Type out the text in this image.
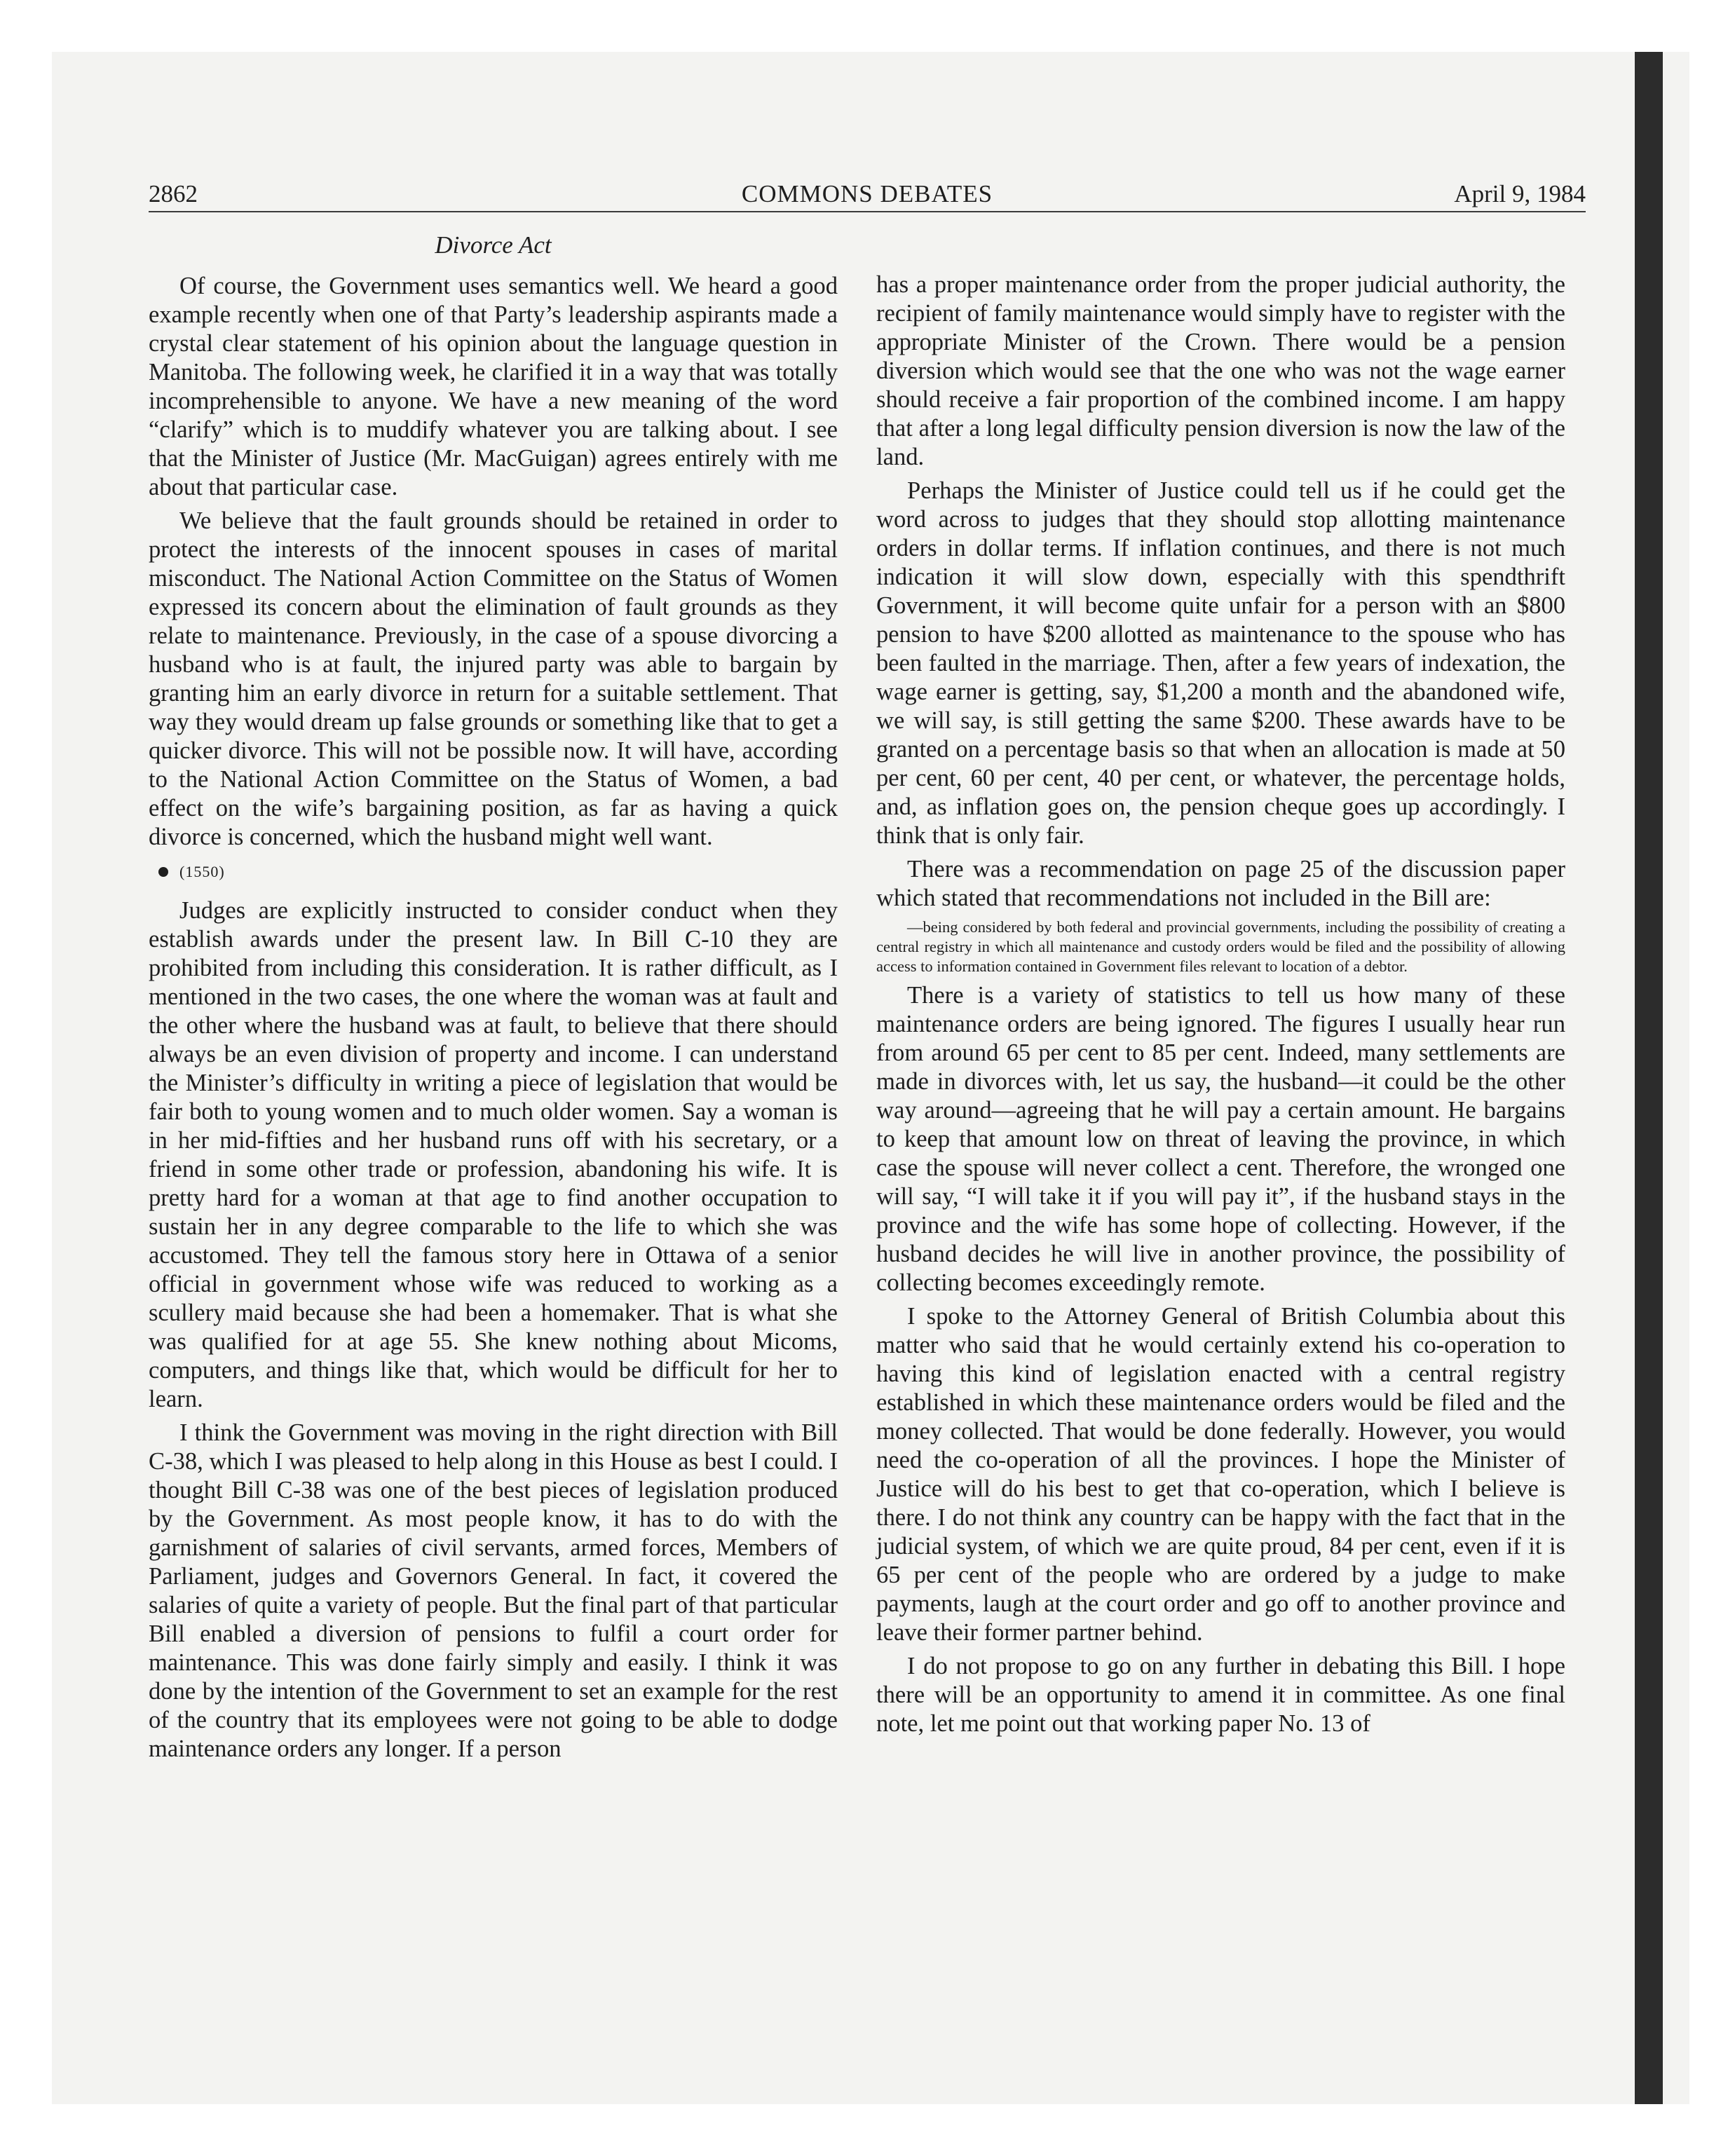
COMMONS DEBATES
2862	April 9, 1984
Divorce Act

Of course, the Government uses semantics well. We heard a good example recently when one of that Party’s leadership aspirants made a crystal clear statement of his opinion about the language question in Manitoba. The following week, he clarified it in a way that was totally incomprehensible to anyone. We have a new meaning of the word “clarify” which is to muddify whatever you are talking about. I see that the Minister of Justice (Mr. MacGuigan) agrees entirely with me about that particular case.

We believe that the fault grounds should be retained in order to protect the interests of the innocent spouses in cases of marital misconduct. The National Action Committee on the Status of Women expressed its concern about the elimination of fault grounds as they relate to maintenance. Previously, in the case of a spouse divorcing a husband who is at fault, the injured party was able to bargain by granting him an early divorce in return for a suitable settlement. That way they would dream up false grounds or something like that to get a quicker divorce. This will not be possible now. It will have, according to the National Action Committee on the Status of Women, a bad effect on the wife’s bargaining position, as far as having a quick divorce is concerned, which the husband might well want.

(1550)

Judges are explicitly instructed to consider conduct when they establish awards under the present law. In Bill C-10 they are prohibited from including this consideration. It is rather difficult, as I mentioned in the two cases, the one where the woman was at fault and the other where the husband was at fault, to believe that there should always be an even division of property and income. I can understand the Minister’s difficulty in writing a piece of legislation that would be fair both to young women and to much older women. Say a woman is in her mid-fifties and her husband runs off with his secretary, or a friend in some other trade or profession, abandoning his wife. It is pretty hard for a woman at that age to find another occupation to sustain her in any degree comparable to the life to which she was accustomed. They tell the famous story here in Ottawa of a senior official in government whose wife was reduced to working as a scullery maid because she had been a homemaker. That is what she was qualified for at age 55. She knew nothing about Micoms, computers, and things like that, which would be difficult for her to learn.

I think the Government was moving in the right direction with Bill C-38, which I was pleased to help along in this House as best I could. I thought Bill C-38 was one of the best pieces of legislation produced by the Government. As most people know, it has to do with the garnishment of salaries of civil servants, armed forces, Members of Parliament, judges and Governors General. In fact, it covered the salaries of quite a variety of people. But the final part of that particular Bill enabled a diversion of pensions to fulfil a court order for maintenance. This was done fairly simply and easily. I think it was done by the intention of the Government to set an example for the rest of the country that its employees were not going to be able to dodge maintenance orders any longer. If a person

has a proper maintenance order from the proper judicial authority, the recipient of family maintenance would simply have to register with the appropriate Minister of the Crown. There would be a pension diversion which would see that the one who was not the wage earner should receive a fair proportion of the combined income. I am happy that after a long legal difficulty pension diversion is now the law of the land.

Perhaps the Minister of Justice could tell us if he could get the word across to judges that they should stop allotting maintenance orders in dollar terms. If inflation continues, and there is not much indication it will slow down, especially with this spendthrift Government, it will become quite unfair for a person with an $800 pension to have $200 allotted as maintenance to the spouse who has been faulted in the marriage. Then, after a few years of indexation, the wage earner is getting, say, $1,200 a month and the abandoned wife, we will say, is still getting the same $200. These awards have to be granted on a percentage basis so that when an allocation is made at 50 per cent, 60 per cent, 40 per cent, or whatever, the percentage holds, and, as inflation goes on, the pension cheque goes up accordingly. I think that is only fair.

There was a recommendation on page 25 of the discussion paper which stated that recommendations not included in the Bill are:

—being considered by both federal and provincial governments, including the possibility of creating a central registry in which all maintenance and custody orders would be filed and the possibility of allowing access to information contained in Government files relevant to location of a debtor.

There is a variety of statistics to tell us how many of these maintenance orders are being ignored. The figures I usually hear run from around 65 per cent to 85 per cent. Indeed, many settlements are made in divorces with, let us say, the husband—it could be the other way around—agreeing that he will pay a certain amount. He bargains to keep that amount low on threat of leaving the province, in which case the spouse will never collect a cent. Therefore, the wronged one will say, “I will take it if you will pay it”, if the husband stays in the province and the wife has some hope of collecting. However, if the husband decides he will live in another province, the possibility of collecting becomes exceedingly remote.

I spoke to the Attorney General of British Columbia about this matter who said that he would certainly extend his co-operation to having this kind of legislation enacted with a central registry established in which these maintenance orders would be filed and the money collected. That would be done federally. However, you would need the co-operation of all the provinces. I hope the Minister of Justice will do his best to get that co-operation, which I believe is there. I do not think any country can be happy with the fact that in the judicial system, of which we are quite proud, 84 per cent, even if it is 65 per cent of the people who are ordered by a judge to make payments, laugh at the court order and go off to another province and leave their former partner behind.

I do not propose to go on any further in debating this Bill. I hope there will be an opportunity to amend it in committee. As one final note, let me point out that working paper No. 13 of
